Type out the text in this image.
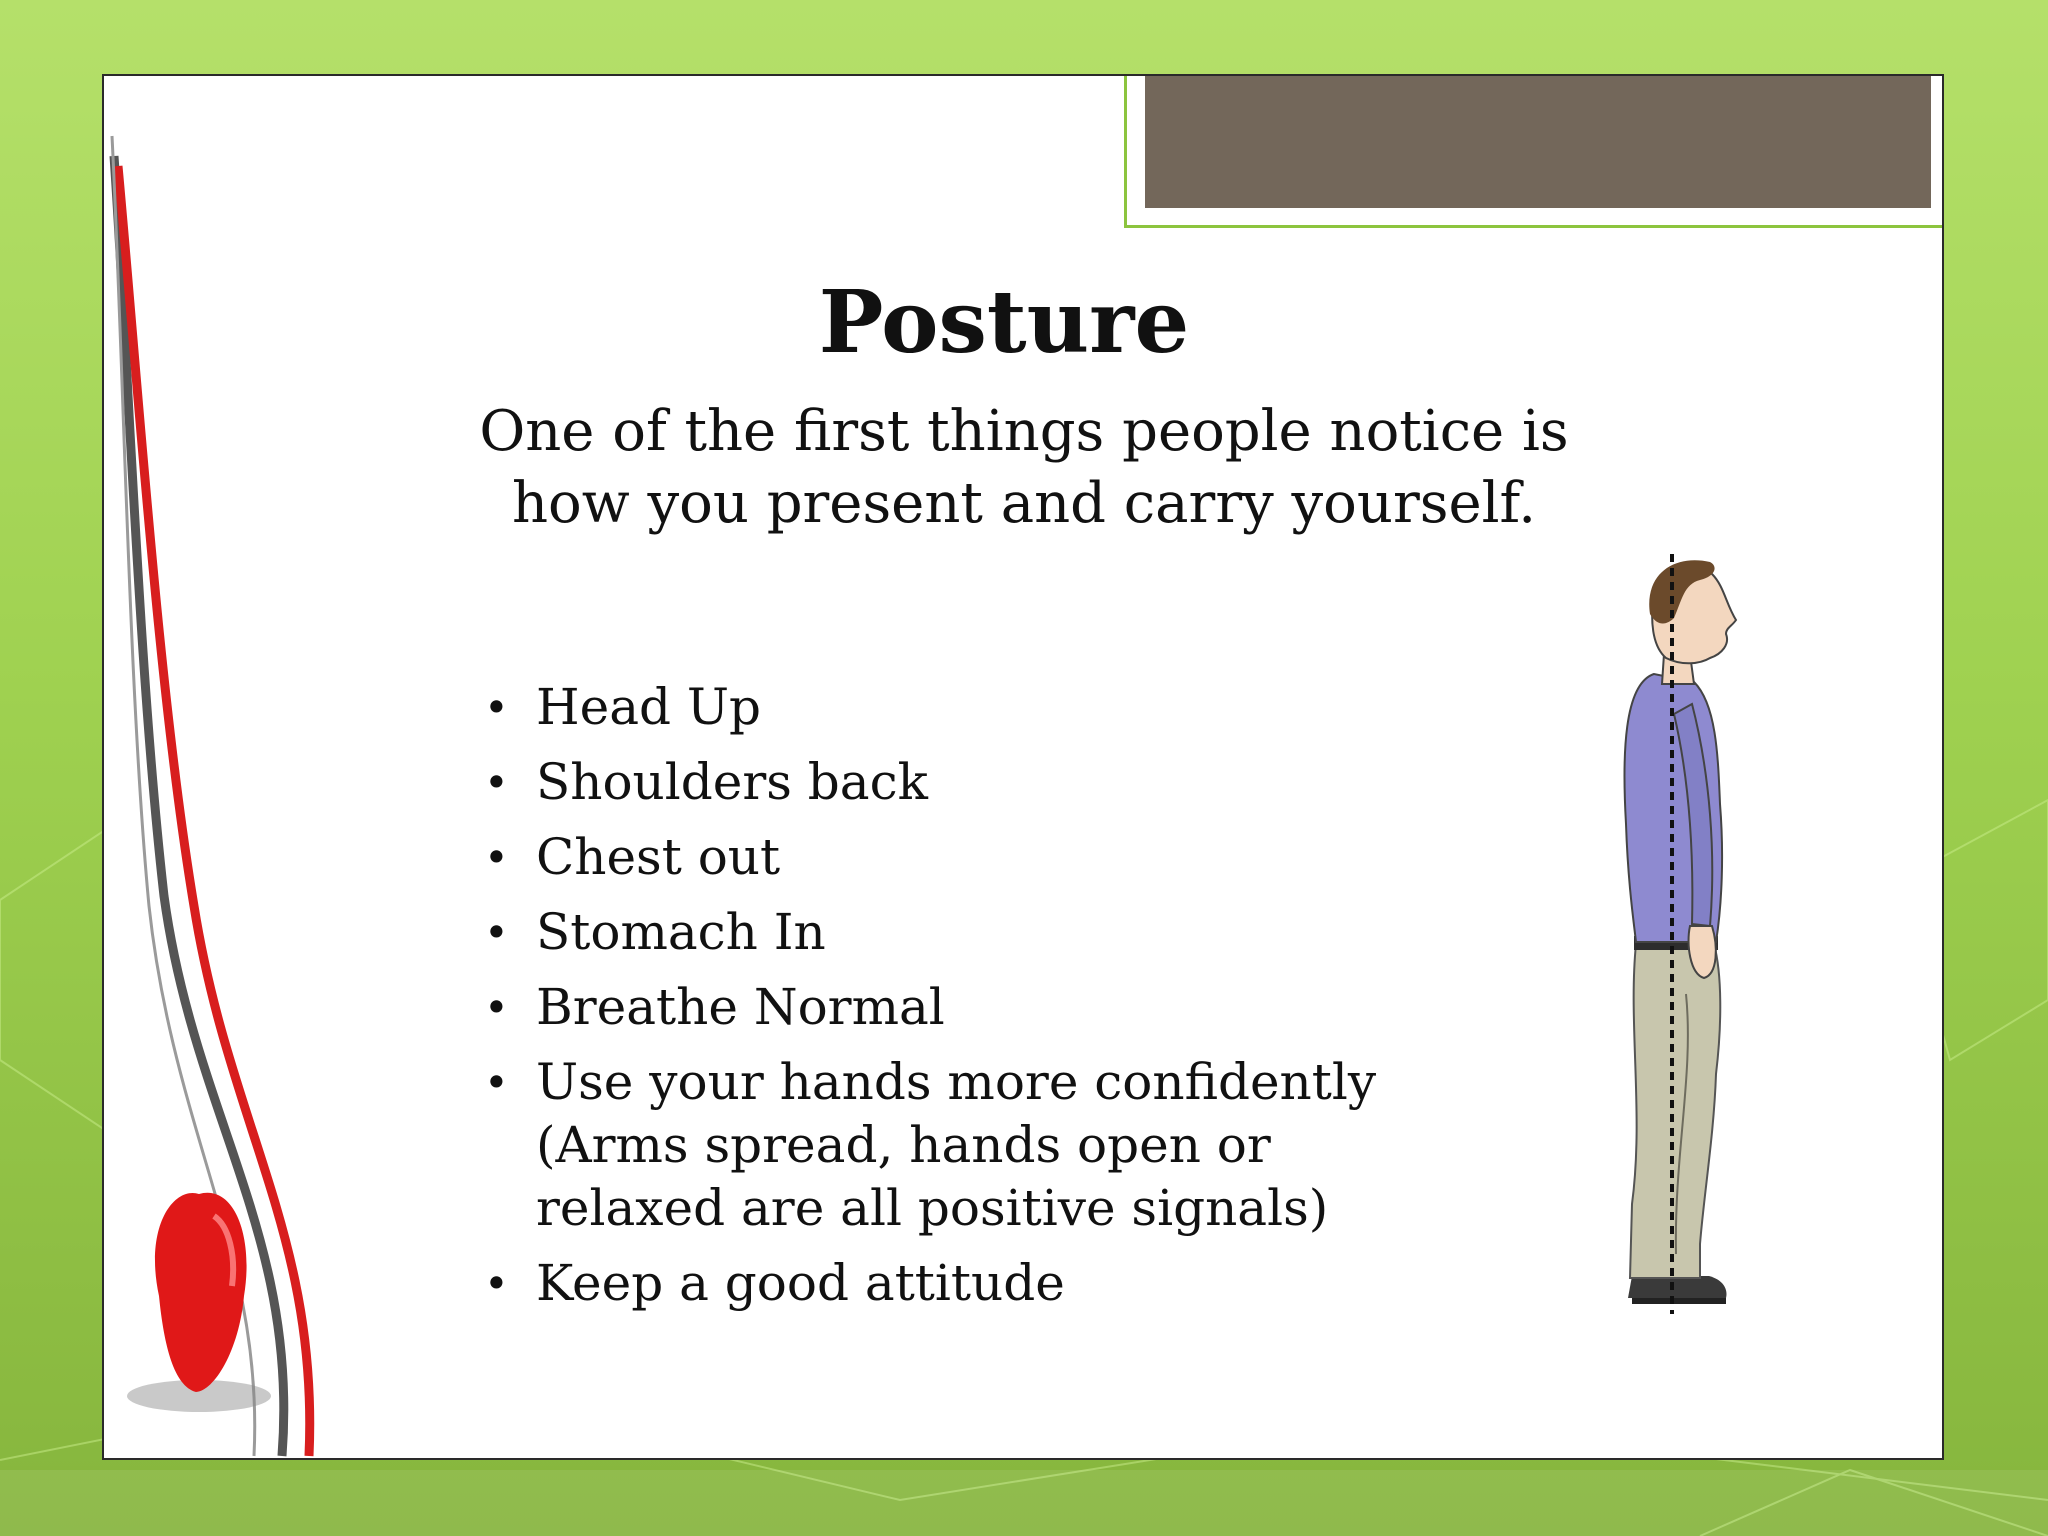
Posture

One of the first things people notice is
how you present and carry yourself.

• Head Up
• Shoulders back
• Chest out
• Stomach In
• Breathe Normal
• Use your hands more confidently (Arms spread, hands open or relaxed are all positive signals)
• Keep a good attitude
